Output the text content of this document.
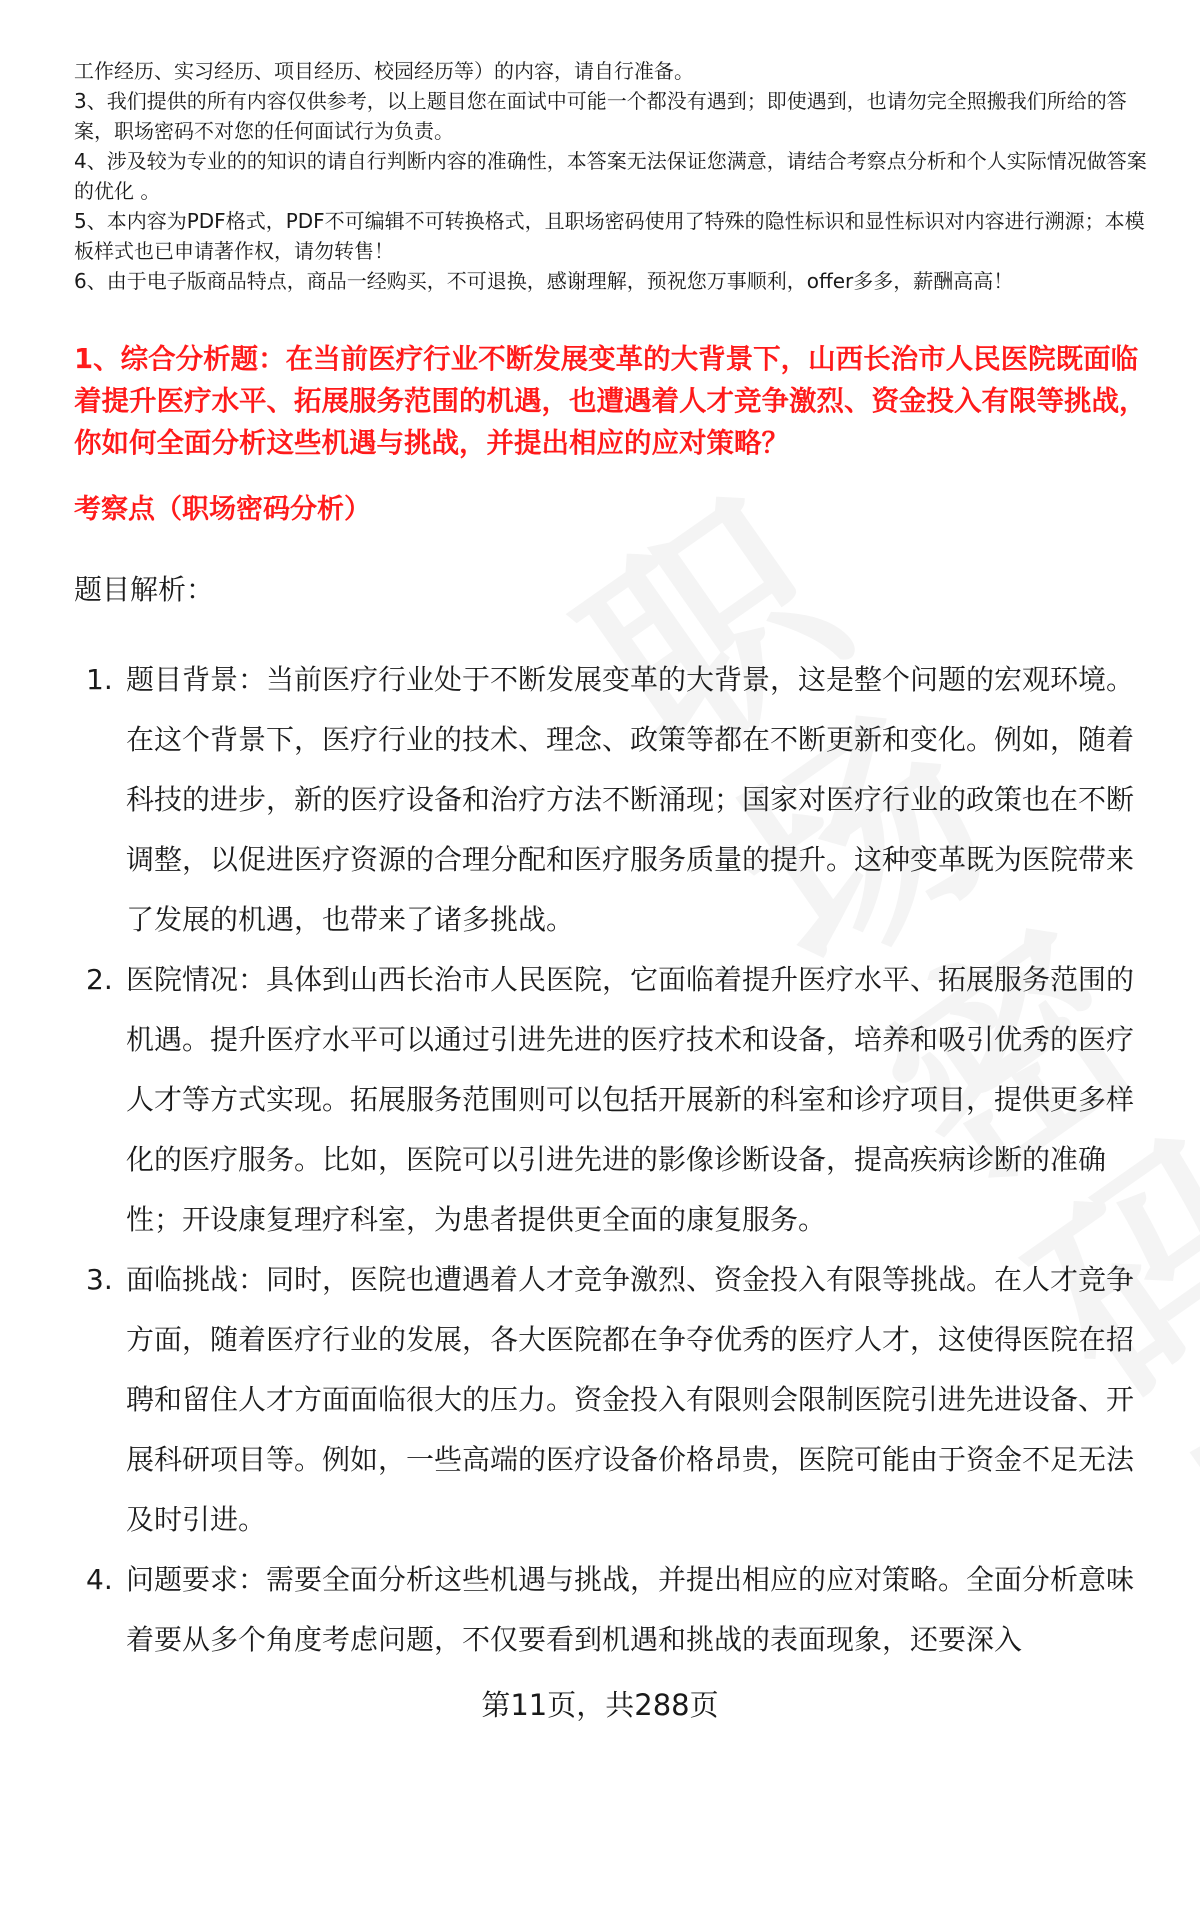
工作经历、实习经历、项目经历、校园经历等）的内容，请自行准备。

3、我们提供的所有内容仅供参考，以上题目您在面试中可能一个都没有遇到；即使遇到，也请勿完全照搬我们所给的答案，职场密码不对您的任何面试行为负责。

4、涉及较为专业的的知识的请自行判断内容的准确性，本答案无法保证您满意，请结合考察点分析和个人实际情况做答案的优化 。

5、本内容为PDF格式，PDF不可编辑不可转换格式，且职场密码使用了特殊的隐性标识和显性标识对内容进行溯源；本模板样式也已申请著作权，请勿转售！

6、由于电子版商品特点，商品一经购买，不可退换，感谢理解，预祝您万事顺利，offer多多，薪酬高高！

1、综合分析题：在当前医疗行业不断发展变革的大背景下，山西长治市人民医院既面临着提升医疗水平、拓展服务范围的机遇，也遭遇着人才竞争激烈、资金投入有限等挑战，你如何全面分析这些机遇与挑战，并提出相应的应对策略？

考察点（职场密码分析）

题目解析：

1. 题目背景：当前医疗行业处于不断发展变革的大背景，这是整个问题的宏观环境。在这个背景下，医疗行业的技术、理念、政策等都在不断更新和变化。例如，随着科技的进步，新的医疗设备和治疗方法不断涌现；国家对医疗行业的政策也在不断调整，以促进医疗资源的合理分配和医疗服务质量的提升。这种变革既为医院带来了发展的机遇，也带来了诸多挑战。
2. 医院情况：具体到山西长治市人民医院，它面临着提升医疗水平、拓展服务范围的机遇。提升医疗水平可以通过引进先进的医疗技术和设备，培养和吸引优秀的医疗人才等方式实现。拓展服务范围则可以包括开展新的科室和诊疗项目，提供更多样化的医疗服务。比如，医院可以引进先进的影像诊断设备，提高疾病诊断的准确性；开设康复理疗科室，为患者提供更全面的康复服务。
3. 面临挑战：同时，医院也遭遇着人才竞争激烈、资金投入有限等挑战。在人才竞争方面，随着医疗行业的发展，各大医院都在争夺优秀的医疗人才，这使得医院在招聘和留住人才方面面临很大的压力。资金投入有限则会限制医院引进先进设备、开展科研项目等。例如，一些高端的医疗设备价格昂贵，医院可能由于资金不足无法及时引进。
4. 问题要求：需要全面分析这些机遇与挑战，并提出相应的应对策略。全面分析意味着要从多个角度考虑问题，不仅要看到机遇和挑战的表面现象，还要深入
第11页，共288页
